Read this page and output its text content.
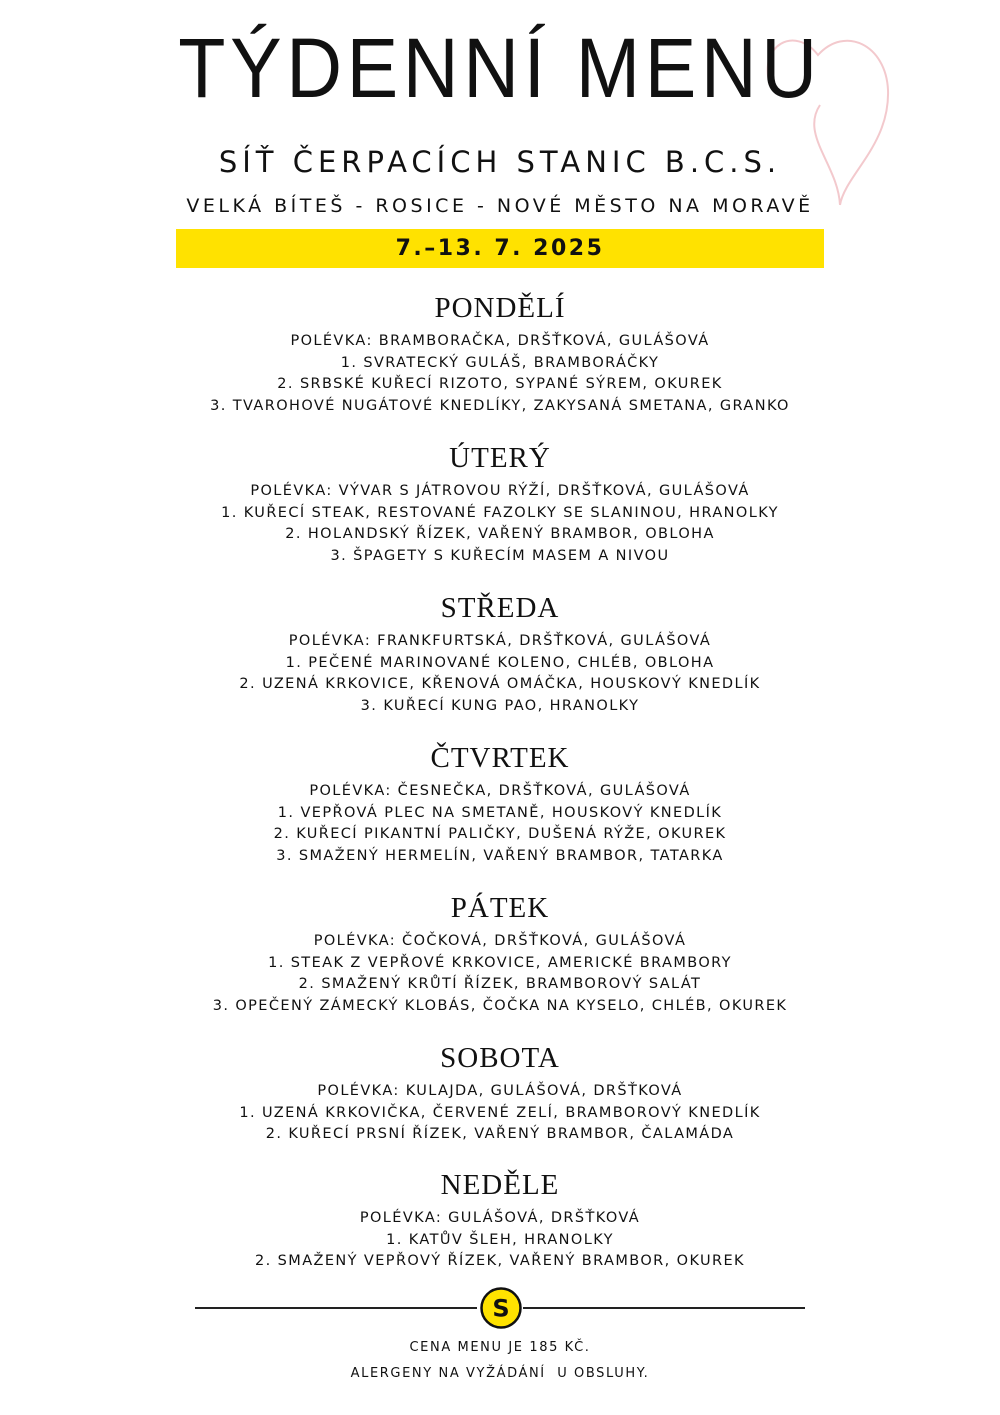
TÝDENNÍ MENU
SÍŤ ČERPACÍCH STANIC B.C.S.
VELKÁ BÍTEŠ - ROSICE - NOVÉ MĚSTO NA MORAVĚ
7.–13. 7. 2025
PONDĚLÍ
POLÉVKA: BRAMBORAČKA, DRŠŤKOVÁ, GULÁŠOVÁ
1. SVRATECKÝ GULÁŠ, BRAMBORÁČKY
2. SRBSKÉ KUŘECÍ RIZOTO, SYPANÉ SÝREM, OKUREK
3. TVAROHOVÉ NUGÁTOVÉ KNEDLÍKY, ZAKYSANÁ SMETANA, GRANKO
ÚTERÝ
POLÉVKA: VÝVAR S JÁTROVOU RÝŽÍ, DRŠŤKOVÁ, GULÁŠOVÁ
1. KUŘECÍ STEAK, RESTOVANÉ FAZOLKY SE SLANINOU, HRANOLKY
2. HOLANDSKÝ ŘÍZEK, VAŘENÝ BRAMBOR, OBLOHA
3. ŠPAGETY S KUŘECÍM MASEM A NIVOU
STŘEDA
POLÉVKA: FRANKFURTSKÁ, DRŠŤKOVÁ, GULÁŠOVÁ
1. PEČENÉ MARINOVANÉ KOLENO, CHLÉB, OBLOHA
2. UZENÁ KRKOVICE, KŘENOVÁ OMÁČKA, HOUSKOVÝ KNEDLÍK
3. KUŘECÍ KUNG PAO, HRANOLKY
ČTVRTEK
POLÉVKA: ČESNEČKA, DRŠŤKOVÁ, GULÁŠOVÁ
1. VEPŘOVÁ PLEC NA SMETANĚ, HOUSKOVÝ KNEDLÍK
2. KUŘECÍ PIKANTNÍ PALIČKY, DUŠENÁ RÝŽE, OKUREK
3. SMAŽENÝ HERMELÍN, VAŘENÝ BRAMBOR, TATARKA
PÁTEK
POLÉVKA: ČOČKOVÁ, DRŠŤKOVÁ, GULÁŠOVÁ
1. STEAK Z VEPŘOVÉ KRKOVICE, AMERICKÉ BRAMBORY
2. SMAŽENÝ KRŮTÍ ŘÍZEK, BRAMBOROVÝ SALÁT
3. OPEČENÝ ZÁMECKÝ KLOBÁS, ČOČKA NA KYSELO, CHLÉB, OKUREK
SOBOTA
POLÉVKA: KULAJDA, GULÁŠOVÁ, DRŠŤKOVÁ
1. UZENÁ KRKOVIČKA, ČERVENÉ ZELÍ, BRAMBOROVÝ KNEDLÍK
2. KUŘECÍ PRSNÍ ŘÍZEK, VAŘENÝ BRAMBOR, ČALAMÁDA
NEDĚLE
POLÉVKA: GULÁŠOVÁ, DRŠŤKOVÁ
1. KATŮV ŠLEH, HRANOLKY
2. SMAŽENÝ VEPŘOVÝ ŘÍZEK, VAŘENÝ BRAMBOR, OKUREK
S
CENA MENU JE 185 KČ.
ALERGENY NA VYŽÁDÁNÍ  U OBSLUHY.
